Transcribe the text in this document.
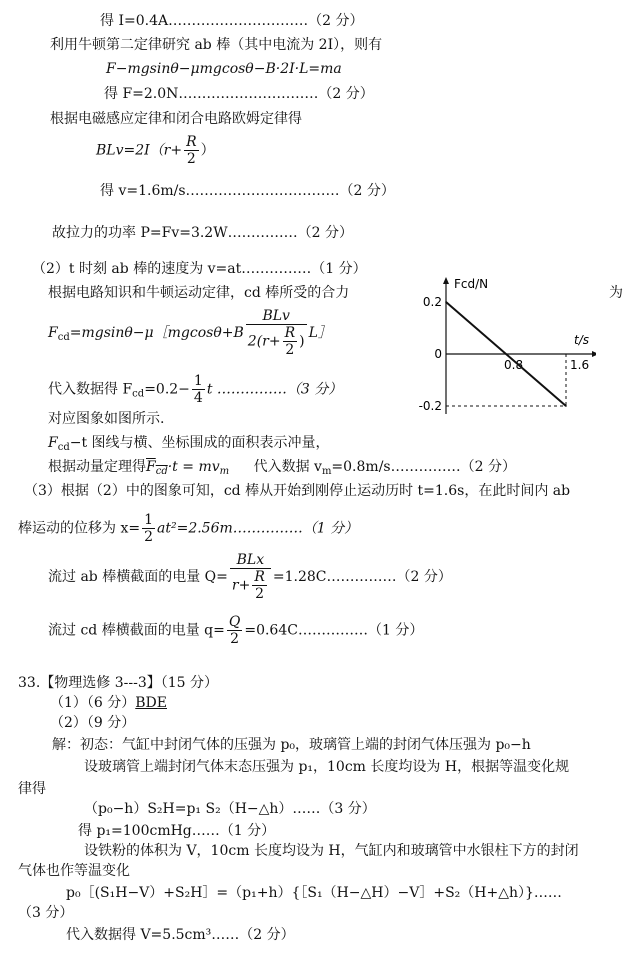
得 I=0.4A…………………………（2 分）
利用牛顿第二定律研究 ab 棒（其中电流为 2I），则有
F−mgsinθ−μmgcosθ−B·2I·L=ma
得 F=2.0N…………………………（2 分）
根据电磁感应定律和闭合电路欧姆定律得
$BLv=2I(r+ \frac{R}{2}$ ）
得 v=1.6m/s……………………………（2 分）
故拉力的功率 P=Fv=3.2W……………（2 分）
（2）t 时刻 ab 棒的速度为 v=at……………（1 分）
根据电路知识和牛顿运动定律，cd 棒所受的合力	为
$F_{cd}=mgsin\theta-\mu[mgcos\theta+B \frac{\text{BLv}}{2(r+ \frac{R}{2} )}$ L］
代入数据得 $F_{cd}=0.2- \frac{1}{4}$ t ……………（3 分）
对应图象如图所示.
$F_{cd}-t$ 图线与横、坐标围成的面积表示冲量，
根据动量定理得$F_{cd}\cdot t = mv_m$ 代入数据 $v_m=0.8m/s\dots\dots\dots\dots\dots(2$ 分）
（3）根据（2）中的图象可知，cd 棒从开始到刚停止运动历时 t=1.6s，在此时间内 ab
棒运动的位移为 $x= \frac{1}{2}$ at²=2.56m……………（1 分）
流过 ab 棒横截面的电量 $Q= \frac{\text{BLx}}{r+ \frac{R}{2}}$ =1.28C……………（2 分）
流过 cd 棒横截面的电量 $q= \frac{Q}{2}$ =0.64C……………（1 分）
33.【物理选修 3---3】（15 分）
（1）（6 分）BDE
（2）（9 分）
解：初态：气缸中封闭气体的压强为 p₀，玻璃管上端的封闭气体压强为 p₀−h
设玻璃管上端封闭气体末态压强为 p₁，10cm 长度均设为 H，根据等温变化规
律得
（p₀−h）S₂H=p₁ S₂（H−△h）……（3 分）
得 p₁=100cmHg……（1 分）
设铁粉的体积为 V，10cm 长度均设为 H，气缸内和玻璃管中水银柱下方的封闭
气体也作等温变化
p₀［(S₁H−V）+S₂H］=（p₁+h）{［S₁（H−△H）−V］+S₂（H+△h）}……
（3 分）
代入数据得 V=5.5cm³……（2 分）
Fcd/N
t/s
0.2
0
-0.2
0.8	1.6
